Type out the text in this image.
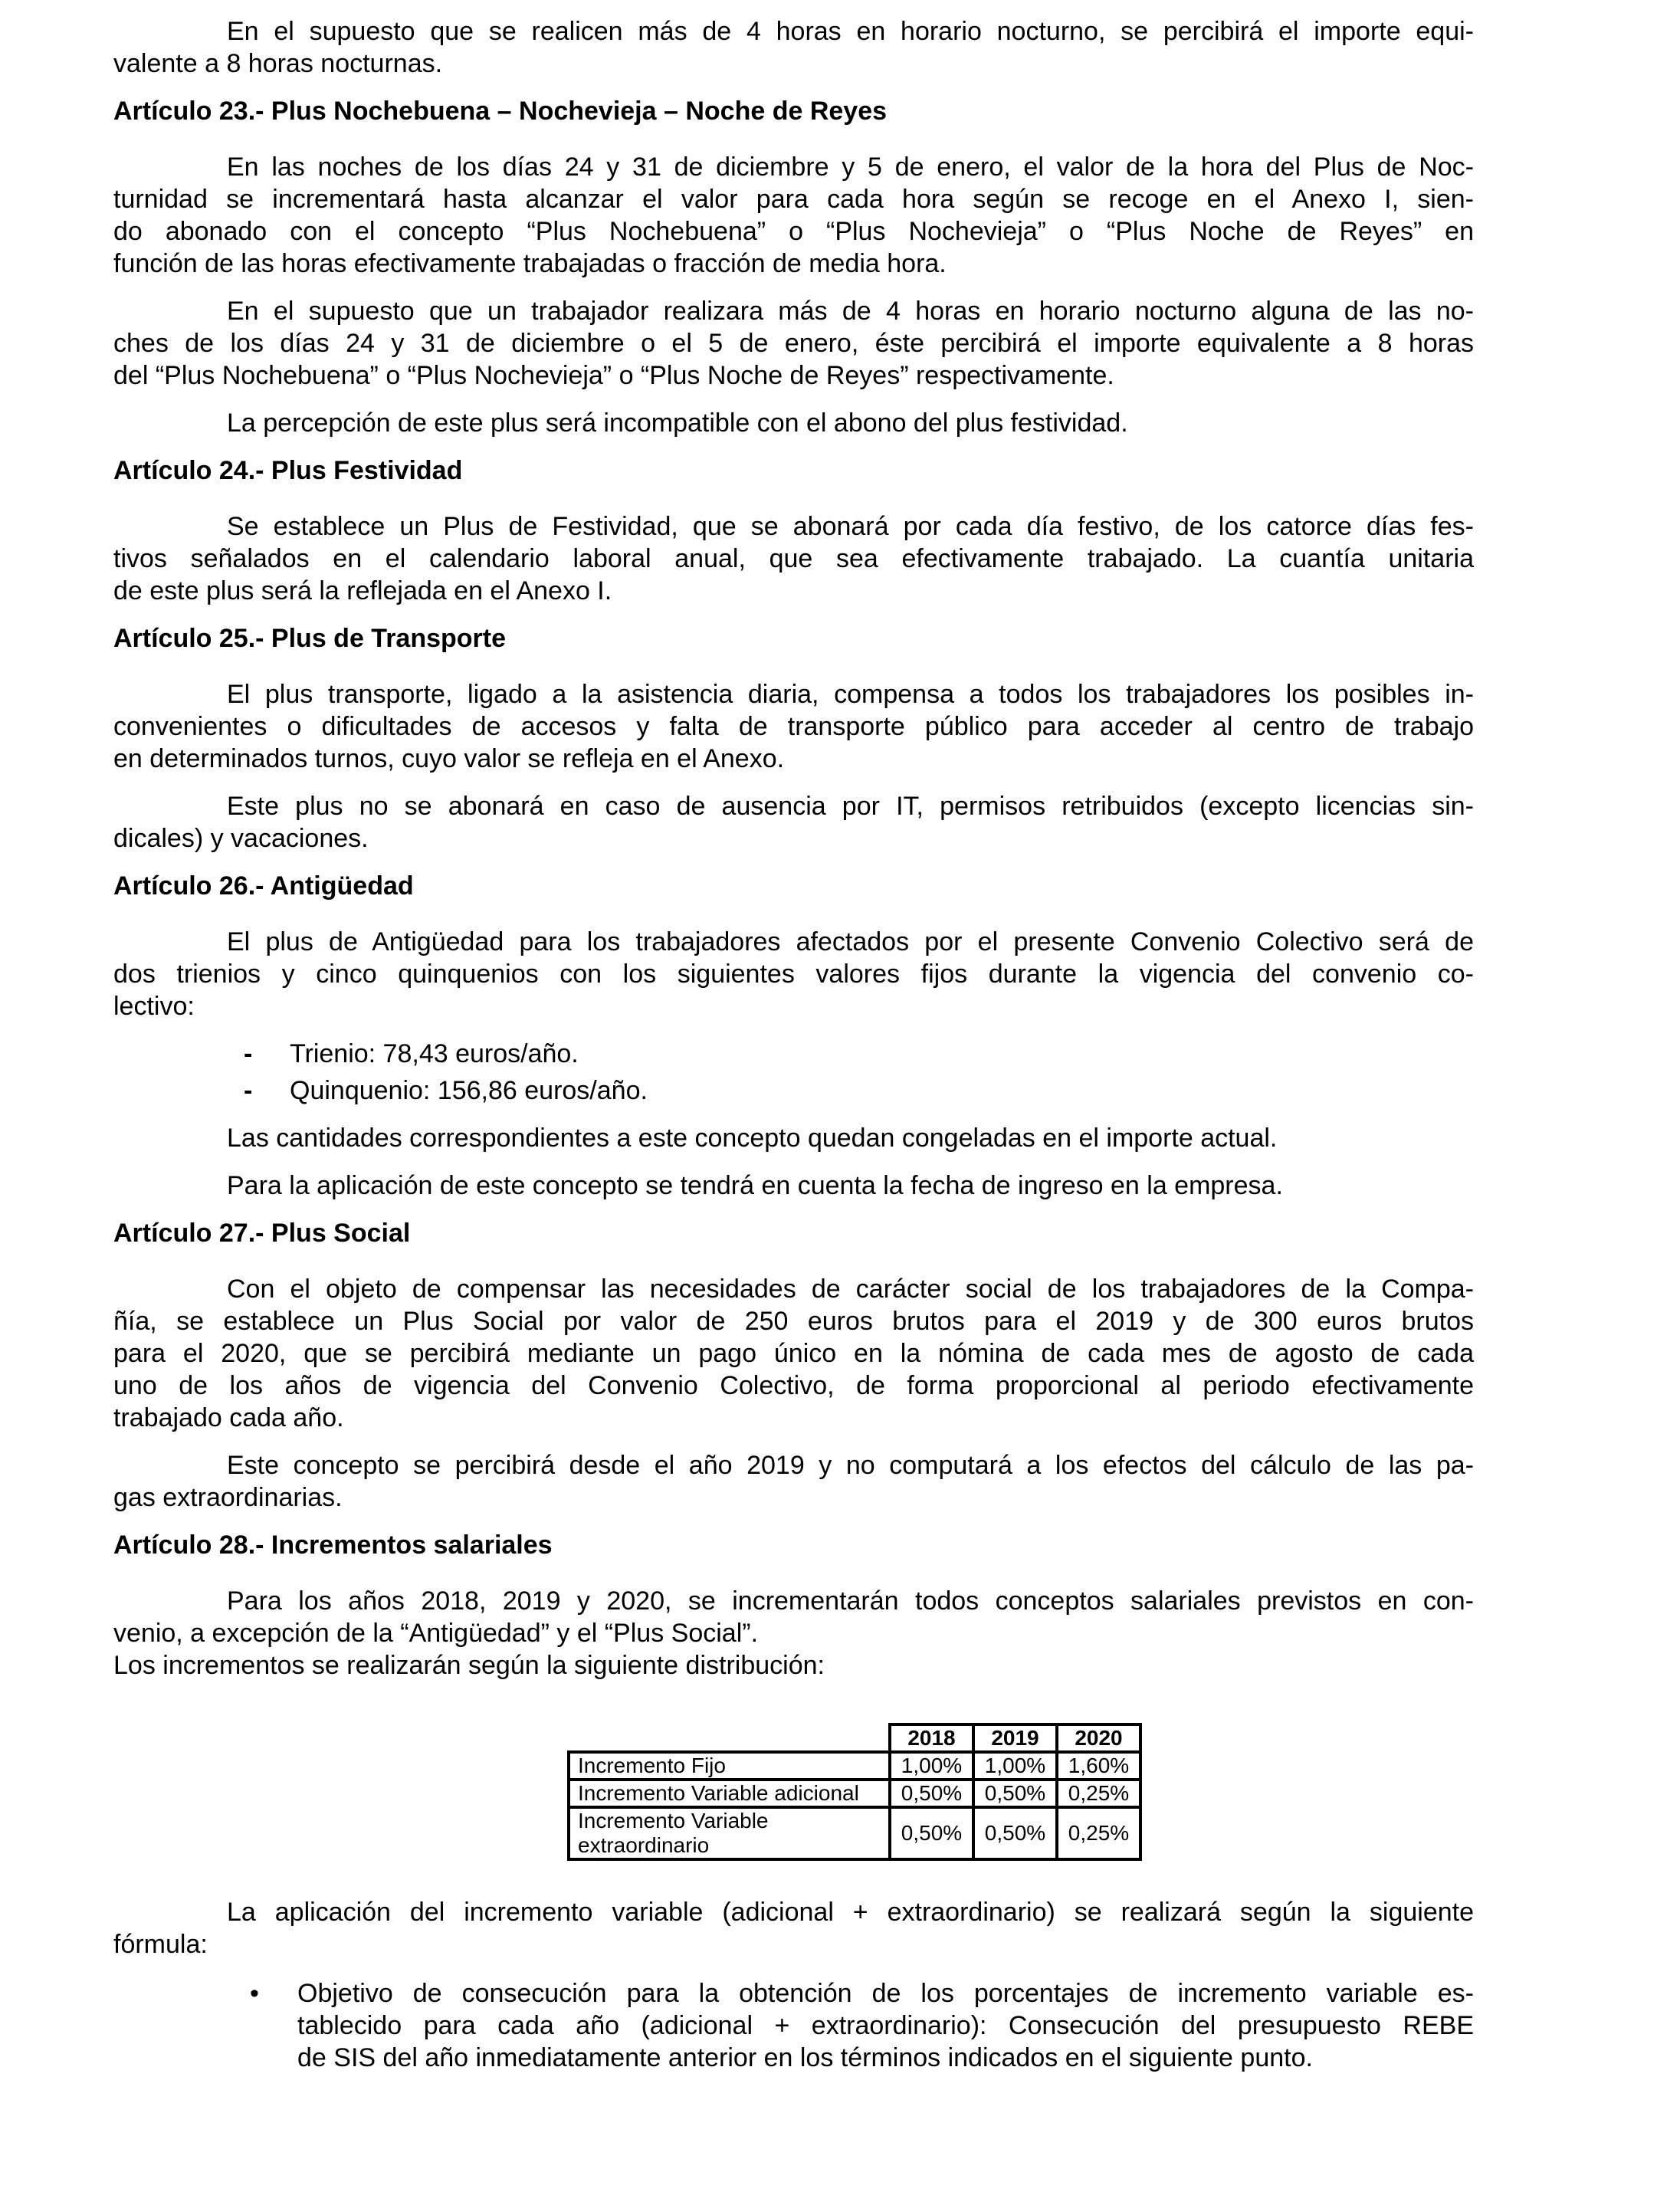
En el supuesto que se realicen más de 4 horas en horario nocturno, se percibirá el importe equi-
valente a 8 horas nocturnas.
Artículo 23.- Plus Nochebuena – Nochevieja – Noche de Reyes
En las noches de los días 24 y 31 de diciembre y 5 de enero, el valor de la hora del Plus de Noc-
turnidad se incrementará hasta alcanzar el valor para cada hora según se recoge en el Anexo I, sien-
do abonado con el concepto “Plus Nochebuena” o “Plus Nochevieja” o “Plus Noche de Reyes” en
función de las horas efectivamente trabajadas o fracción de media hora.
En el supuesto que un trabajador realizara más de 4 horas en horario nocturno alguna de las no-
ches de los días 24 y 31 de diciembre o el 5 de enero, éste percibirá el importe equivalente a 8 horas
del “Plus Nochebuena” o “Plus Nochevieja” o “Plus Noche de Reyes” respectivamente.
La percepción de este plus será incompatible con el abono del plus festividad.
Artículo 24.- Plus Festividad
Se establece un Plus de Festividad, que se abonará por cada día festivo, de los catorce días fes-
tivos señalados en el calendario laboral anual, que sea efectivamente trabajado. La cuantía unitaria
de este plus será la reflejada en el Anexo I.
Artículo 25.- Plus de Transporte
El plus transporte, ligado a la asistencia diaria, compensa a todos los trabajadores los posibles in-
convenientes o dificultades de accesos y falta de transporte público para acceder al centro de trabajo
en determinados turnos, cuyo valor se refleja en el Anexo.
Este plus no se abonará en caso de ausencia por IT, permisos retribuidos (excepto licencias sin-
dicales) y vacaciones.
Artículo 26.- Antigüedad
El plus de Antigüedad para los trabajadores afectados por el presente Convenio Colectivo será de
dos trienios y cinco quinquenios con los siguientes valores fijos durante la vigencia del convenio co-
lectivo:
- Trienio: 78,43 euros/año.
- Quinquenio: 156,86 euros/año.
Las cantidades correspondientes a este concepto quedan congeladas en el importe actual.
Para la aplicación de este concepto se tendrá en cuenta la fecha de ingreso en la empresa.
Artículo 27.- Plus Social
Con el objeto de compensar las necesidades de carácter social de los trabajadores de la Compa-
ñía, se establece un Plus Social por valor de 250 euros brutos para el 2019 y de 300 euros brutos
para el 2020, que se percibirá mediante un pago único en la nómina de cada mes de agosto de cada
uno de los años de vigencia del Convenio Colectivo, de forma proporcional al periodo efectivamente
trabajado cada año.
Este concepto se percibirá desde el año 2019 y no computará a los efectos del cálculo de las pa-
gas extraordinarias.
Artículo 28.- Incrementos salariales
Para los años 2018, 2019 y 2020, se incrementarán todos conceptos salariales previstos en con-
venio, a excepción de la “Antigüedad” y el “Plus Social”.
Los incrementos se realizarán según la siguiente distribución:
	2018	2019	2020
Incremento Fijo	1,00%	1,00%	1,60%
Incremento Variable adicional	0,50%	0,50%	0,25%
Incremento Variable extraordinario	0,50%	0,50%	0,25%
La aplicación del incremento variable (adicional + extraordinario) se realizará según la siguiente
fórmula:
• Objetivo de consecución para la obtención de los porcentajes de incremento variable es-
tablecido para cada año (adicional + extraordinario): Consecución del presupuesto REBE
de SIS del año inmediatamente anterior en los términos indicados en el siguiente punto.
